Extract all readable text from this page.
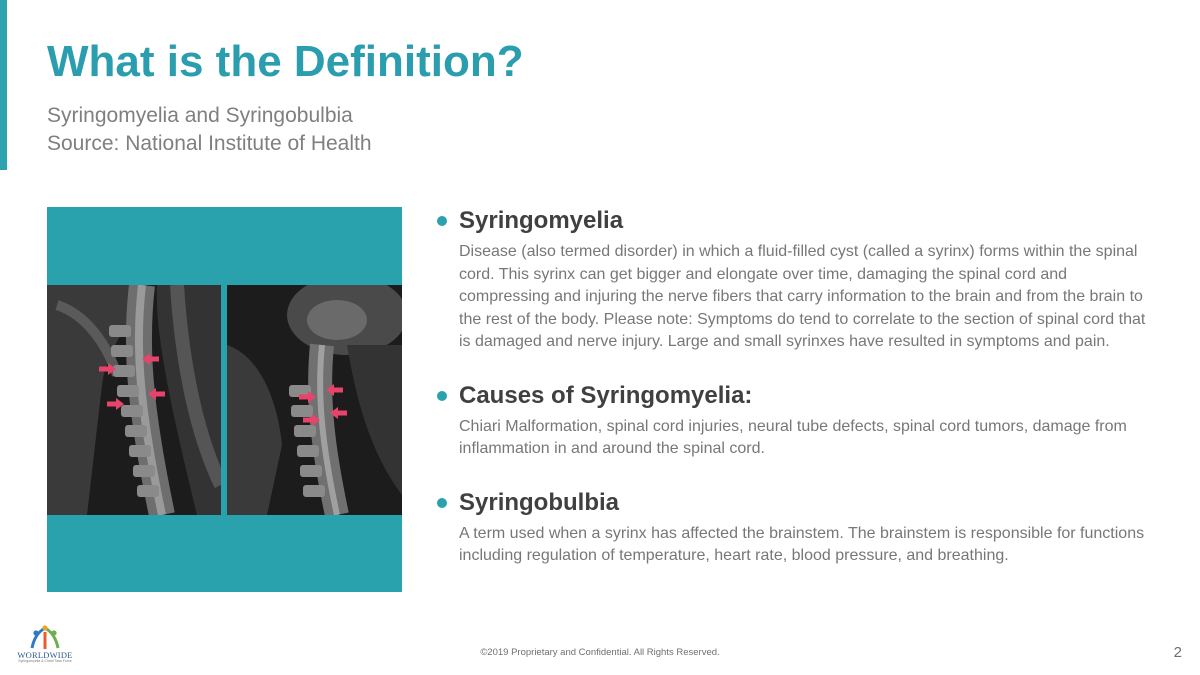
What is the Definition?
Syringomyelia and Syringobulbia
Source: National Institute of Health
Syringomyelia
Disease (also termed disorder) in which a fluid-filled cyst (called a syrinx) forms within the spinal cord. This syrinx can get bigger and elongate over time, damaging the spinal cord and compressing and injuring the nerve fibers that carry information to the brain and from the brain to the rest of the body. Please note: Symptoms do tend to correlate to the section of spinal cord that is damaged and nerve injury. Large and small syrinxes have resulted in symptoms and pain.
Causes of Syringomyelia:
Chiari Malformation, spinal cord injuries, neural tube defects, spinal cord tumors, damage from inflammation in and around the spinal cord.
Syringobulbia
A term used when a syrinx has affected the brainstem. The brainstem is responsible for functions including regulation of temperature, heart rate, blood pressure, and breathing.
WORLDWIDE
Syringomyelia & Chiari Task Force
©2019 Proprietary and Confidential. All Rights Reserved.	2
